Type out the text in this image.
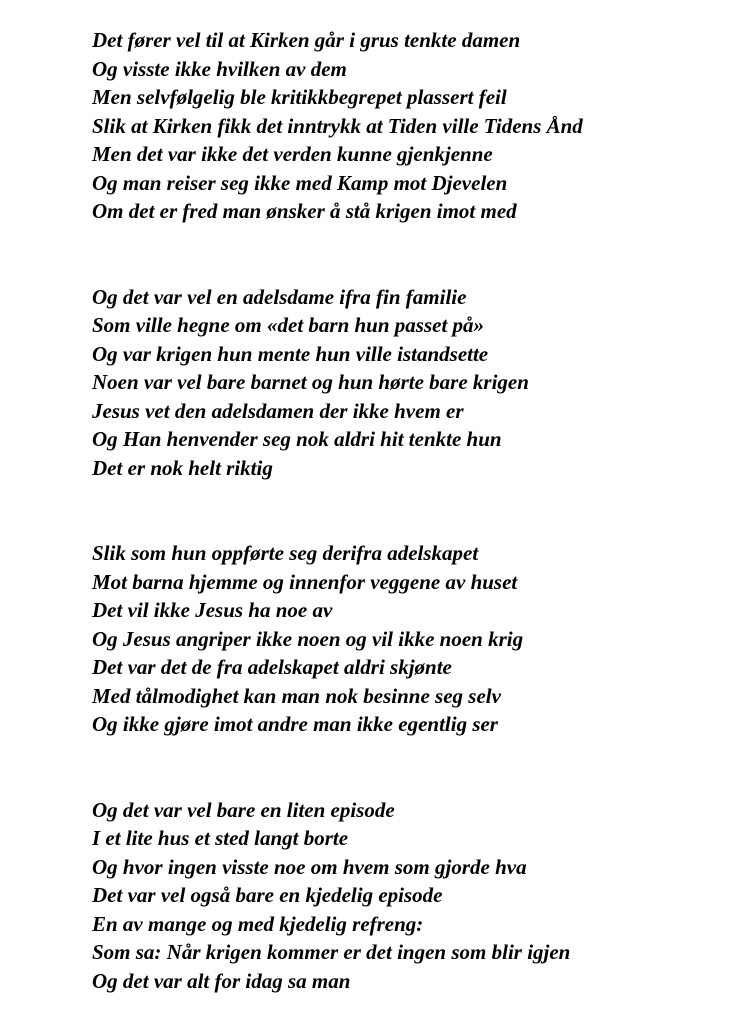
Det fører vel til at Kirken går i grus tenkte damen
Og visste ikke hvilken av dem
Men selvfølgelig ble kritikkbegrepet plassert feil
Slik at Kirken fikk det inntrykk at Tiden ville Tidens Ånd
Men det var ikke det verden kunne gjenkjenne
Og man reiser seg ikke med Kamp mot Djevelen
Om det er fred man ønsker å stå krigen imot med
Og det var vel en adelsdame ifra fin familie
Som ville hegne om «det barn hun passet på»
Og var krigen hun mente hun ville istandsette
Noen var vel bare barnet og hun hørte bare krigen
Jesus vet den adelsdamen der ikke hvem er
Og Han henvender seg nok aldri hit tenkte hun
Det er nok helt riktig
Slik som hun oppførte seg derifra adelskapet
Mot barna hjemme og innenfor veggene av huset
Det vil ikke Jesus ha noe av
Og Jesus angriper ikke noen og vil ikke noen krig
Det var det de fra adelskapet aldri skjønte
Med tålmodighet kan man nok besinne seg selv
Og ikke gjøre imot andre man ikke egentlig ser
Og det var vel bare en liten episode
I et lite hus et sted langt borte
Og hvor ingen visste noe om hvem som gjorde hva
Det var vel også bare en kjedelig episode
En av mange og med kjedelig refreng:
Som sa: Når krigen kommer er det ingen som blir igjen
Og det var alt for idag sa man
